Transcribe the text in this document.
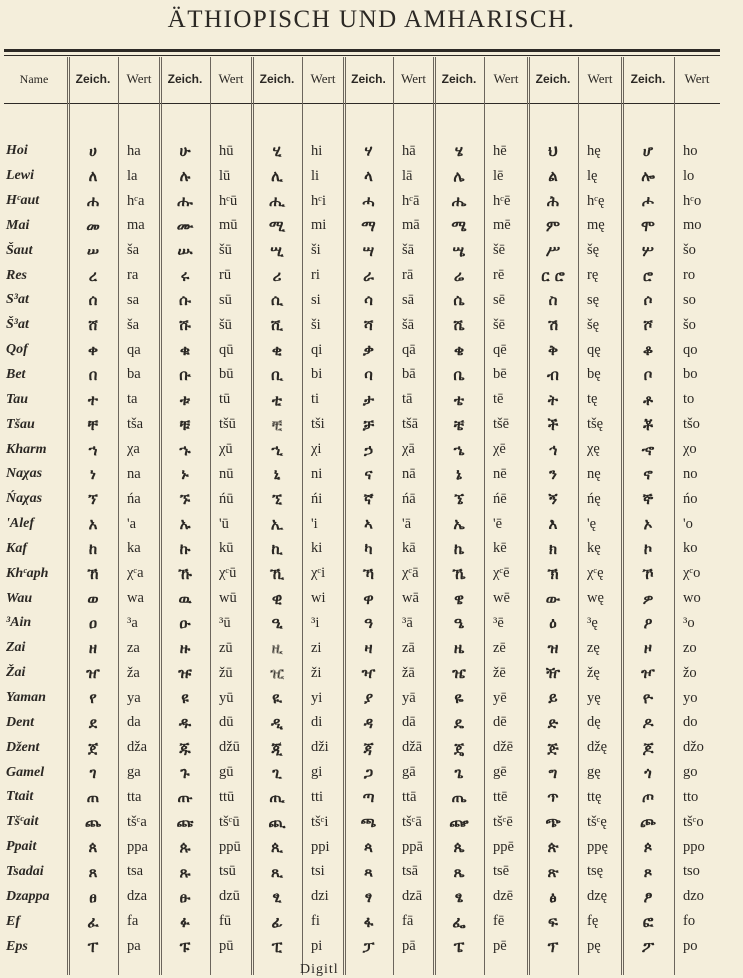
ÄTHIOPISCH UND AMHARISCH.
Name	Zeich.	Wert	Zeich.	Wert	Zeich.	Wert	Zeich.	Wert	Zeich.	Wert	Zeich.	Wert	Zeich.	Wert
Hoi	ሀ	ha	ሁ	hū	ሂ	hi	ሃ	hā	ሄ	hē	ህ	hę	ሆ	ho
Lewi	ለ	la	ሉ	lū	ሊ	li	ላ	lā	ሌ	lē	ል	lę	ሎ	lo
Hᶜaut	ሐ	hᶜa	ሑ	hᶜū	ሒ	hᶜi	ሓ	hᶜā	ሔ	hᶜē	ሕ	hᶜę	ሖ	hᶜo
Mai	መ	ma	ሙ	mū	ሚ	mi	ማ	mā	ሜ	mē	ም	mę	ሞ	mo
Šaut	ሠ	ša	ሡ	šū	ሢ	ši	ሣ	šā	ሤ	šē	ሥ	šę	ሦ	šo
Res	ረ	ra	ሩ	rū	ሪ	ri	ራ	rā	ሬ	rē	ር ሮ	rę	ሮ	ro
S³at	ሰ	sa	ሱ	sū	ሲ	si	ሳ	sā	ሴ	sē	ስ	sę	ሶ	so
Š³at	ሸ	ša	ሹ	šū	ሺ	ši	ሻ	šā	ሼ	šē	ሽ	šę	ሾ	šo
Qof	ቀ	qa	ቁ	qū	ቂ	qi	ቃ	qā	ቄ	qē	ቅ	qę	ቆ	qo
Bet	በ	ba	ቡ	bū	ቢ	bi	ባ	bā	ቤ	bē	ብ	bę	ቦ	bo
Tau	ተ	ta	ቱ	tū	ቲ	ti	ታ	tā	ቴ	tē	ት	tę	ቶ	to
Tšau	ቸ	tša	ቹ	tšū	ቺ	tši	ቻ	tšā	ቼ	tšē	ች	tšę	ቾ	tšo
Kharm	ኀ	χa	ኁ	χū	ኂ	χi	ኃ	χā	ኄ	χē	ኅ	χę	ኆ	χo
Naχas	ነ	na	ኑ	nū	ኒ	ni	ና	nā	ኔ	nē	ን	nę	ኖ	no
Ńaχas	ኘ	ńa	ኙ	ńū	ኚ	ńi	ኛ	ńā	ኜ	ńē	ኝ	ńę	ኞ	ńo
'Alef	አ	'a	ኡ	'ū	ኢ	'i	ኣ	'ā	ኤ	'ē	እ	'ę	ኦ	'o
Kaf	ከ	ka	ኩ	kū	ኪ	ki	ካ	kā	ኬ	kē	ክ	kę	ኮ	ko
Khᶜaph	ኸ	χᶜa	ኹ	χᶜū	ኺ	χᶜi	ኻ	χᶜā	ኼ	χᶜē	ኽ	χᶜę	ኾ	χᶜo
Wau	ወ	wa	ዉ	wū	ዊ	wi	ዋ	wā	ዌ	wē	ው	wę	ዎ	wo
³Ain	ዐ	³a	ዑ	³ū	ዒ	³i	ዓ	³ā	ዔ	³ē	ዕ	³ę	ዖ	³o
Zai	ዘ	za	ዙ	zū	ዚ	zi	ዛ	zā	ዜ	zē	ዝ	zę	ዞ	zo
Žai	ዠ	ža	ዡ	žū	ዢ	ži	ዣ	žā	ዤ	žē	ዥ	žę	ዦ	žo
Yaman	የ	ya	ዩ	yū	ዪ	yi	ያ	yā	ዬ	yē	ይ	yę	ዮ	yo
Dent	ደ	da	ዱ	dū	ዲ	di	ዳ	dā	ዴ	dē	ድ	dę	ዶ	do
Džent	ጀ	dža	ጁ	džū	ጂ	dži	ጃ	džā	ጄ	džē	ጅ	džę	ጆ	džo
Gamel	ገ	ga	ጉ	gū	ጊ	gi	ጋ	gā	ጌ	gē	ግ	gę	ጎ	go
Ttait	ጠ	tta	ጡ	ttū	ጢ	tti	ጣ	ttā	ጤ	ttē	ጥ	ttę	ጦ	tto
Tšᶜait	ጨ	tšᶜa	ጩ	tšᶜū	ጪ	tšᶜi	ጫ	tšᶜā	ጬ	tšᶜē	ጭ	tšᶜę	ጮ	tšᶜo
Ppait	ጰ	ppa	ጱ	ppū	ጲ	ppi	ጳ	ppā	ጴ	ppē	ጵ	ppę	ጶ	ppo
Tsadai	ጸ	tsa	ጹ	tsū	ጺ	tsi	ጻ	tsā	ጼ	tsē	ጽ	tsę	ጾ	tso
Dzappa	ፀ	dza	ፁ	dzū	ፂ	dzi	ፃ	dzā	ፄ	dzē	ፅ	dzę	ፆ	dzo
Ef	ፈ	fa	ፉ	fū	ፊ	fi	ፋ	fā	ፌ	fē	ፍ	fę	ፎ	fo
Eps	ፐ	pa	ፑ	pū	ፒ	pi	ፓ	pā	ፔ	pē	ፕ	pę	ፖ	po
Digitl
